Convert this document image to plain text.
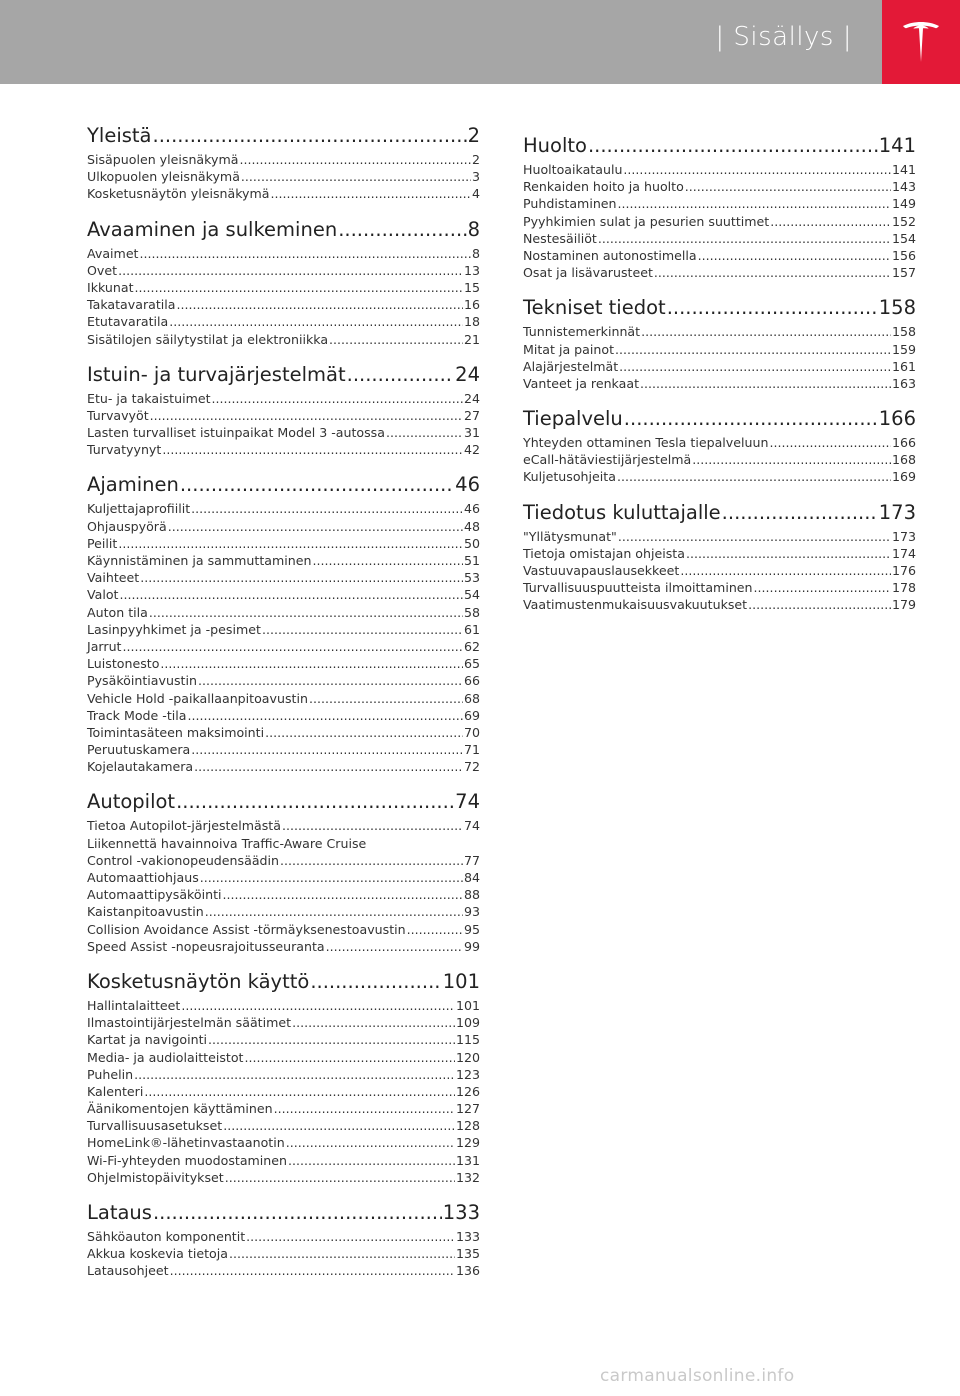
| Sisällys |
Yleistä .....	2
Sisäpuolen yleisnäkymä .....	2
Ulkopuolen yleisnäkymä .....	3
Kosketusnäytön yleisnäkymä .....	4
Avaaminen ja sulkeminen .....	8
Avaimet .....	8
Ovet .....	13
Ikkunat .....	15
Takatavaratila .....	16
Etutavaratila .....	18
Sisätilojen säilytystilat ja elektroniikka .....	21
Istuin- ja turvajärjestelmät .....	24
Etu- ja takaistuimet .....	24
Turvavyöt .....	27
Lasten turvalliset istuinpaikat Model 3 -autossa .....	31
Turvatyynyt .....	42
Ajaminen .....	46
Kuljettajaprofiilit .....	46
Ohjauspyörä .....	48
Peilit .....	50
Käynnistäminen ja sammuttaminen .....	51
Vaihteet .....	53
Valot .....	54
Auton tila .....	58
Lasinpyyhkimet ja -pesimet .....	61
Jarrut .....	62
Luistonesto .....	65
Pysäköintiavustin .....	66
Vehicle Hold -paikallaanpitoavustin .....	68
Track Mode -tila .....	69
Toimintasäteen maksimointi .....	70
Peruutuskamera .....	71
Kojelautakamera .....	72
Autopilot .....	74
Tietoa Autopilot-järjestelmästä .....	74
Liikennettä havainnoiva Traffic-Aware Cruise
Control -vakionopeudensäädin .....	77
Automaattiohjaus .....	84
Automaattipysäköinti .....	88
Kaistanpitoavustin .....	93
Collision Avoidance Assist -törmäyksenestoavustin .....	95
Speed Assist -nopeusrajoitusseuranta .....	99
Kosketusnäytön käyttö .....	101
Hallintalaitteet .....	101
Ilmastointijärjestelmän säätimet .....	109
Kartat ja navigointi .....	115
Media- ja audiolaitteistot .....	120
Puhelin .....	123
Kalenteri .....	126
Äänikomentojen käyttäminen .....	127
Turvallisuusasetukset .....	128
HomeLink®-lähetinvastaanotin .....	129
Wi-Fi-yhteyden muodostaminen .....	131
Ohjelmistopäivitykset .....	132
Lataus .....	133
Sähköauton komponentit .....	133
Akkua koskevia tietoja .....	135
Latausohjeet .....	136
Huolto .....	141
Huoltoaikataulu .....	141
Renkaiden hoito ja huolto .....	143
Puhdistaminen .....	149
Pyyhkimien sulat ja pesurien suuttimet .....	152
Nestesäiliöt .....	154
Nostaminen autonostimella .....	156
Osat ja lisävarusteet .....	157
Tekniset tiedot .....	158
Tunnistemerkinnät .....	158
Mitat ja painot .....	159
Alajärjestelmät .....	161
Vanteet ja renkaat .....	163
Tiepalvelu .....	166
Yhteyden ottaminen Tesla tiepalveluun .....	166
eCall-hätäviestijärjestelmä .....	168
Kuljetusohjeita .....	169
Tiedotus kuluttajalle .....	173
"Yllätysmunat" .....	173
Tietoja omistajan ohjeista .....	174
Vastuuvapauslausekkeet .....	176
Turvallisuuspuutteista ilmoittaminen .....	178
Vaatimustenmukaisuusvakuutukset .....	179
carmanualsonline.info
